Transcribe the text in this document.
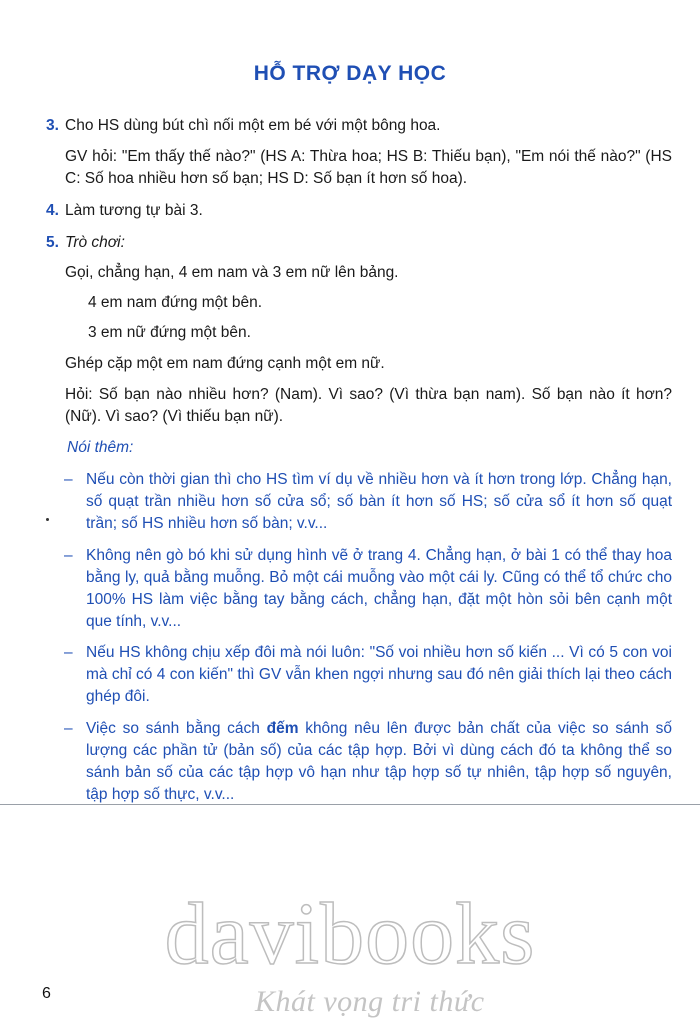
HỖ TRỢ DẠY HỌC
3. Cho HS dùng bút chì nối một em bé với một bông hoa.
GV hỏi: "Em thấy thế nào?" (HS A: Thừa hoa; HS B: Thiếu bạn), "Em nói thế nào?" (HS C: Số hoa nhiều hơn số bạn; HS D: Số bạn ít hơn số hoa).
4. Làm tương tự bài 3.
5. Trò chơi:
Gọi, chẳng hạn, 4 em nam và 3 em nữ lên bảng.
4 em nam đứng một bên.
3 em nữ đứng một bên.
Ghép cặp một em nam đứng cạnh một em nữ.
Hỏi: Số bạn nào nhiều hơn? (Nam). Vì sao? (Vì thừa bạn nam). Số bạn nào ít hơn? (Nữ). Vì sao? (Vì thiếu bạn nữ).
Nói thêm:
– Nếu còn thời gian thì cho HS tìm ví dụ về nhiều hơn và ít hơn trong lớp. Chẳng hạn, số quạt trần nhiều hơn số cửa sổ; số bàn ít hơn số HS; số cửa sổ ít hơn số quạt trần; số HS nhiều hơn số bàn; v.v...
– Không nên gò bó khi sử dụng hình vẽ ở trang 4. Chẳng hạn, ở bài 1 có thể thay hoa bằng ly, quả bằng muỗng. Bỏ một cái muỗng vào một cái ly. Cũng có thể tổ chức cho 100% HS làm việc bằng tay bằng cách, chẳng hạn, đặt một hòn sỏi bên cạnh một que tính, v.v...
– Nếu HS không chịu xếp đôi mà nói luôn: "Số voi nhiều hơn số kiến ... Vì có 5 con voi mà chỉ có 4 con kiến" thì GV vẫn khen ngợi nhưng sau đó nên giải thích lại theo cách ghép đôi.
– Việc so sánh bằng cách đếm không nêu lên được bản chất của việc so sánh số lượng các phần tử (bản số) của các tập hợp. Bởi vì dùng cách đó ta không thể so sánh bản số của các tập hợp vô hạn như tập hợp số tự nhiên, tập hợp số nguyên, tập hợp số thực, v.v...
davibooks
Khát vọng tri thức
6
